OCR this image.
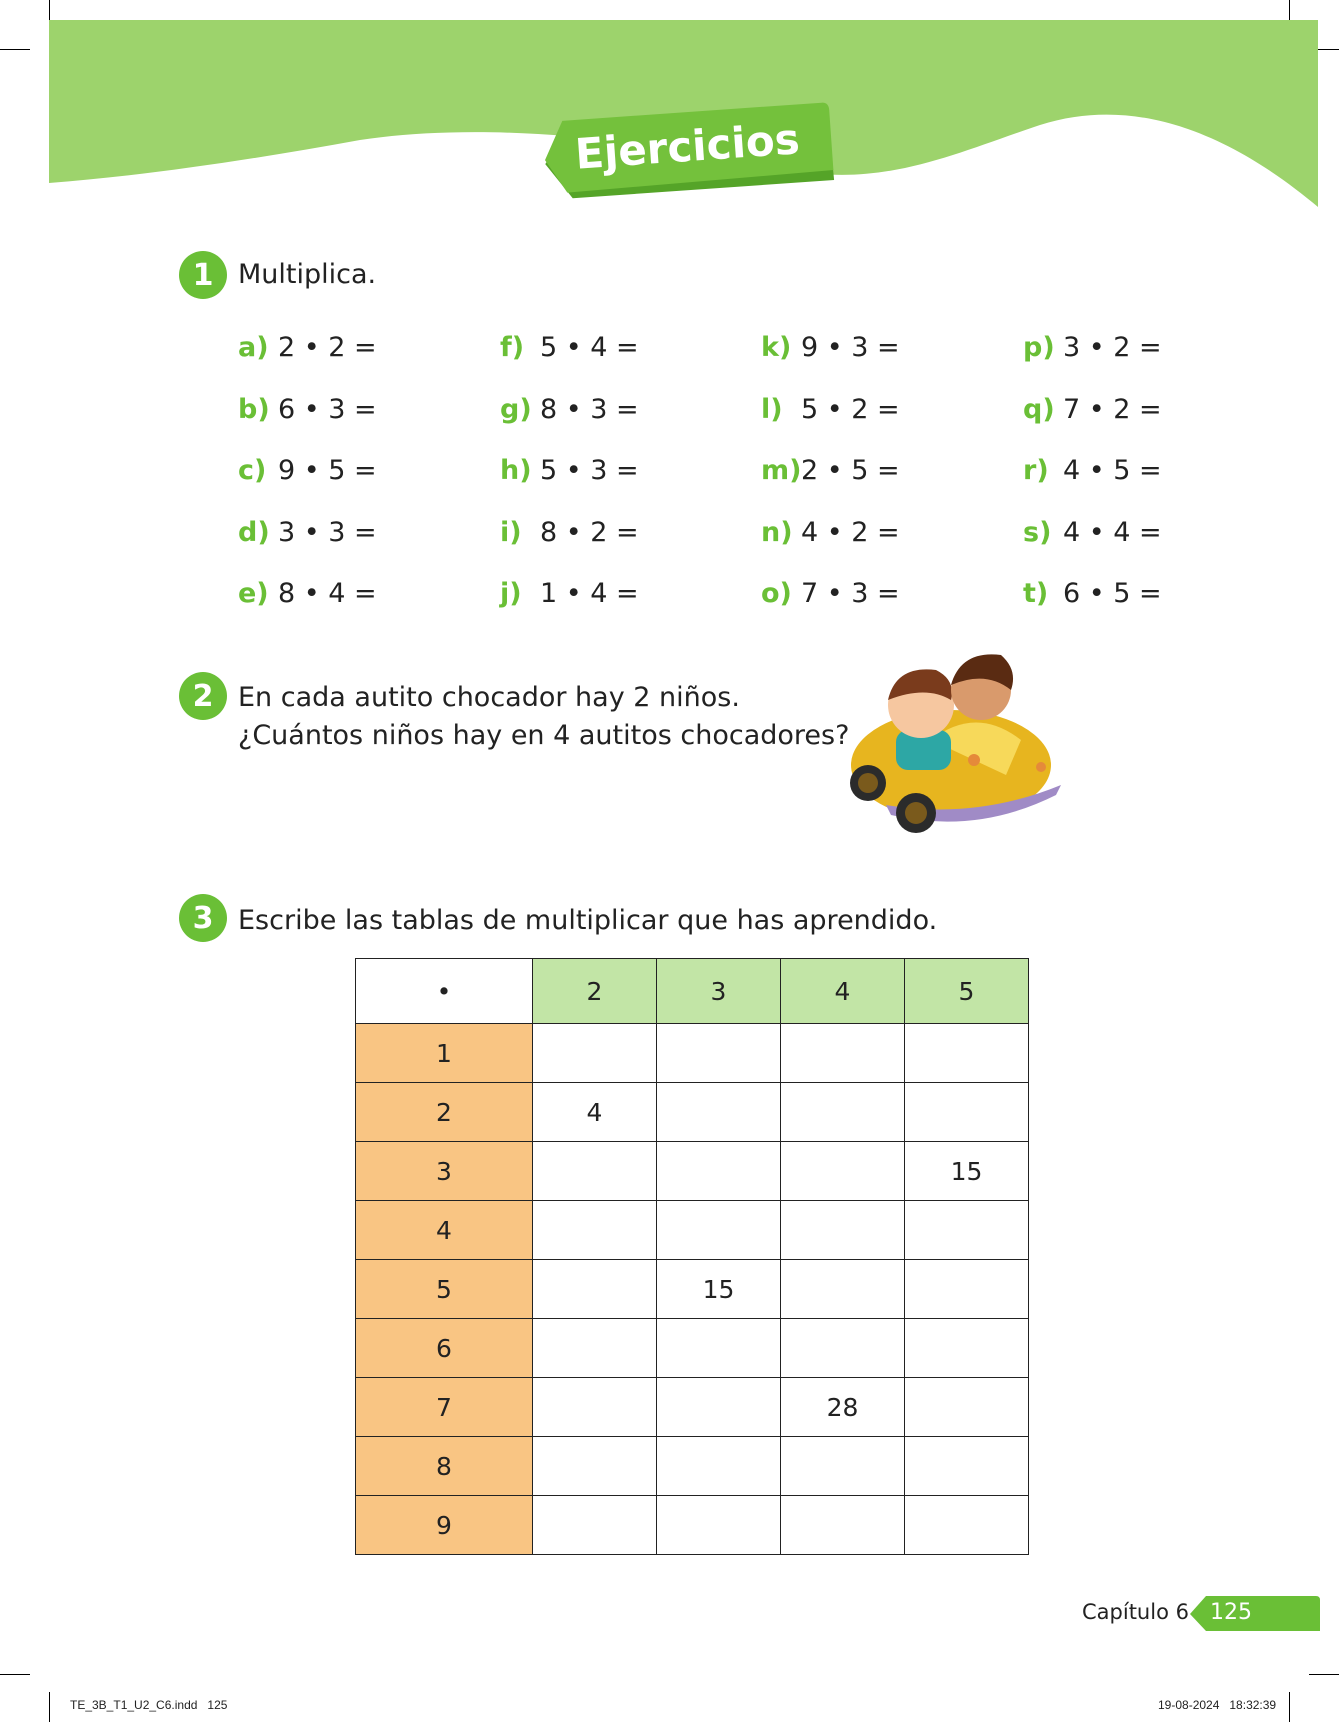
Ejercicios
1 Multiplica.
a) 2 • 2 =
b) 6 • 3 =
c) 9 • 5 =
d) 3 • 3 =
e) 8 • 4 =
f) 5 • 4 =
g) 8 • 3 =
h) 5 • 3 =
i) 8 • 2 =
j) 1 • 4 =
k) 9 • 3 =
l) 5 • 2 =
m)2 • 5 =
n) 4 • 2 =
o) 7 • 3 =
p) 3 • 2 =
q) 7 • 2 =
r) 4 • 5 =
s) 4 • 4 =
t) 6 • 5 =
2 En cada autito chocador hay 2 niños.
¿Cuántos niños hay en 4 autitos chocadores?
3 Escribe las tablas de multiplicar que has aprendido.
•	2	3	4	5
1				
2	4			
3				15
4				
5		15		
6				
7			28	
8				
9				
Capítulo 6 125
TE_3B_T1_U2_C6.indd   125	19-08-2024   18:32:39
